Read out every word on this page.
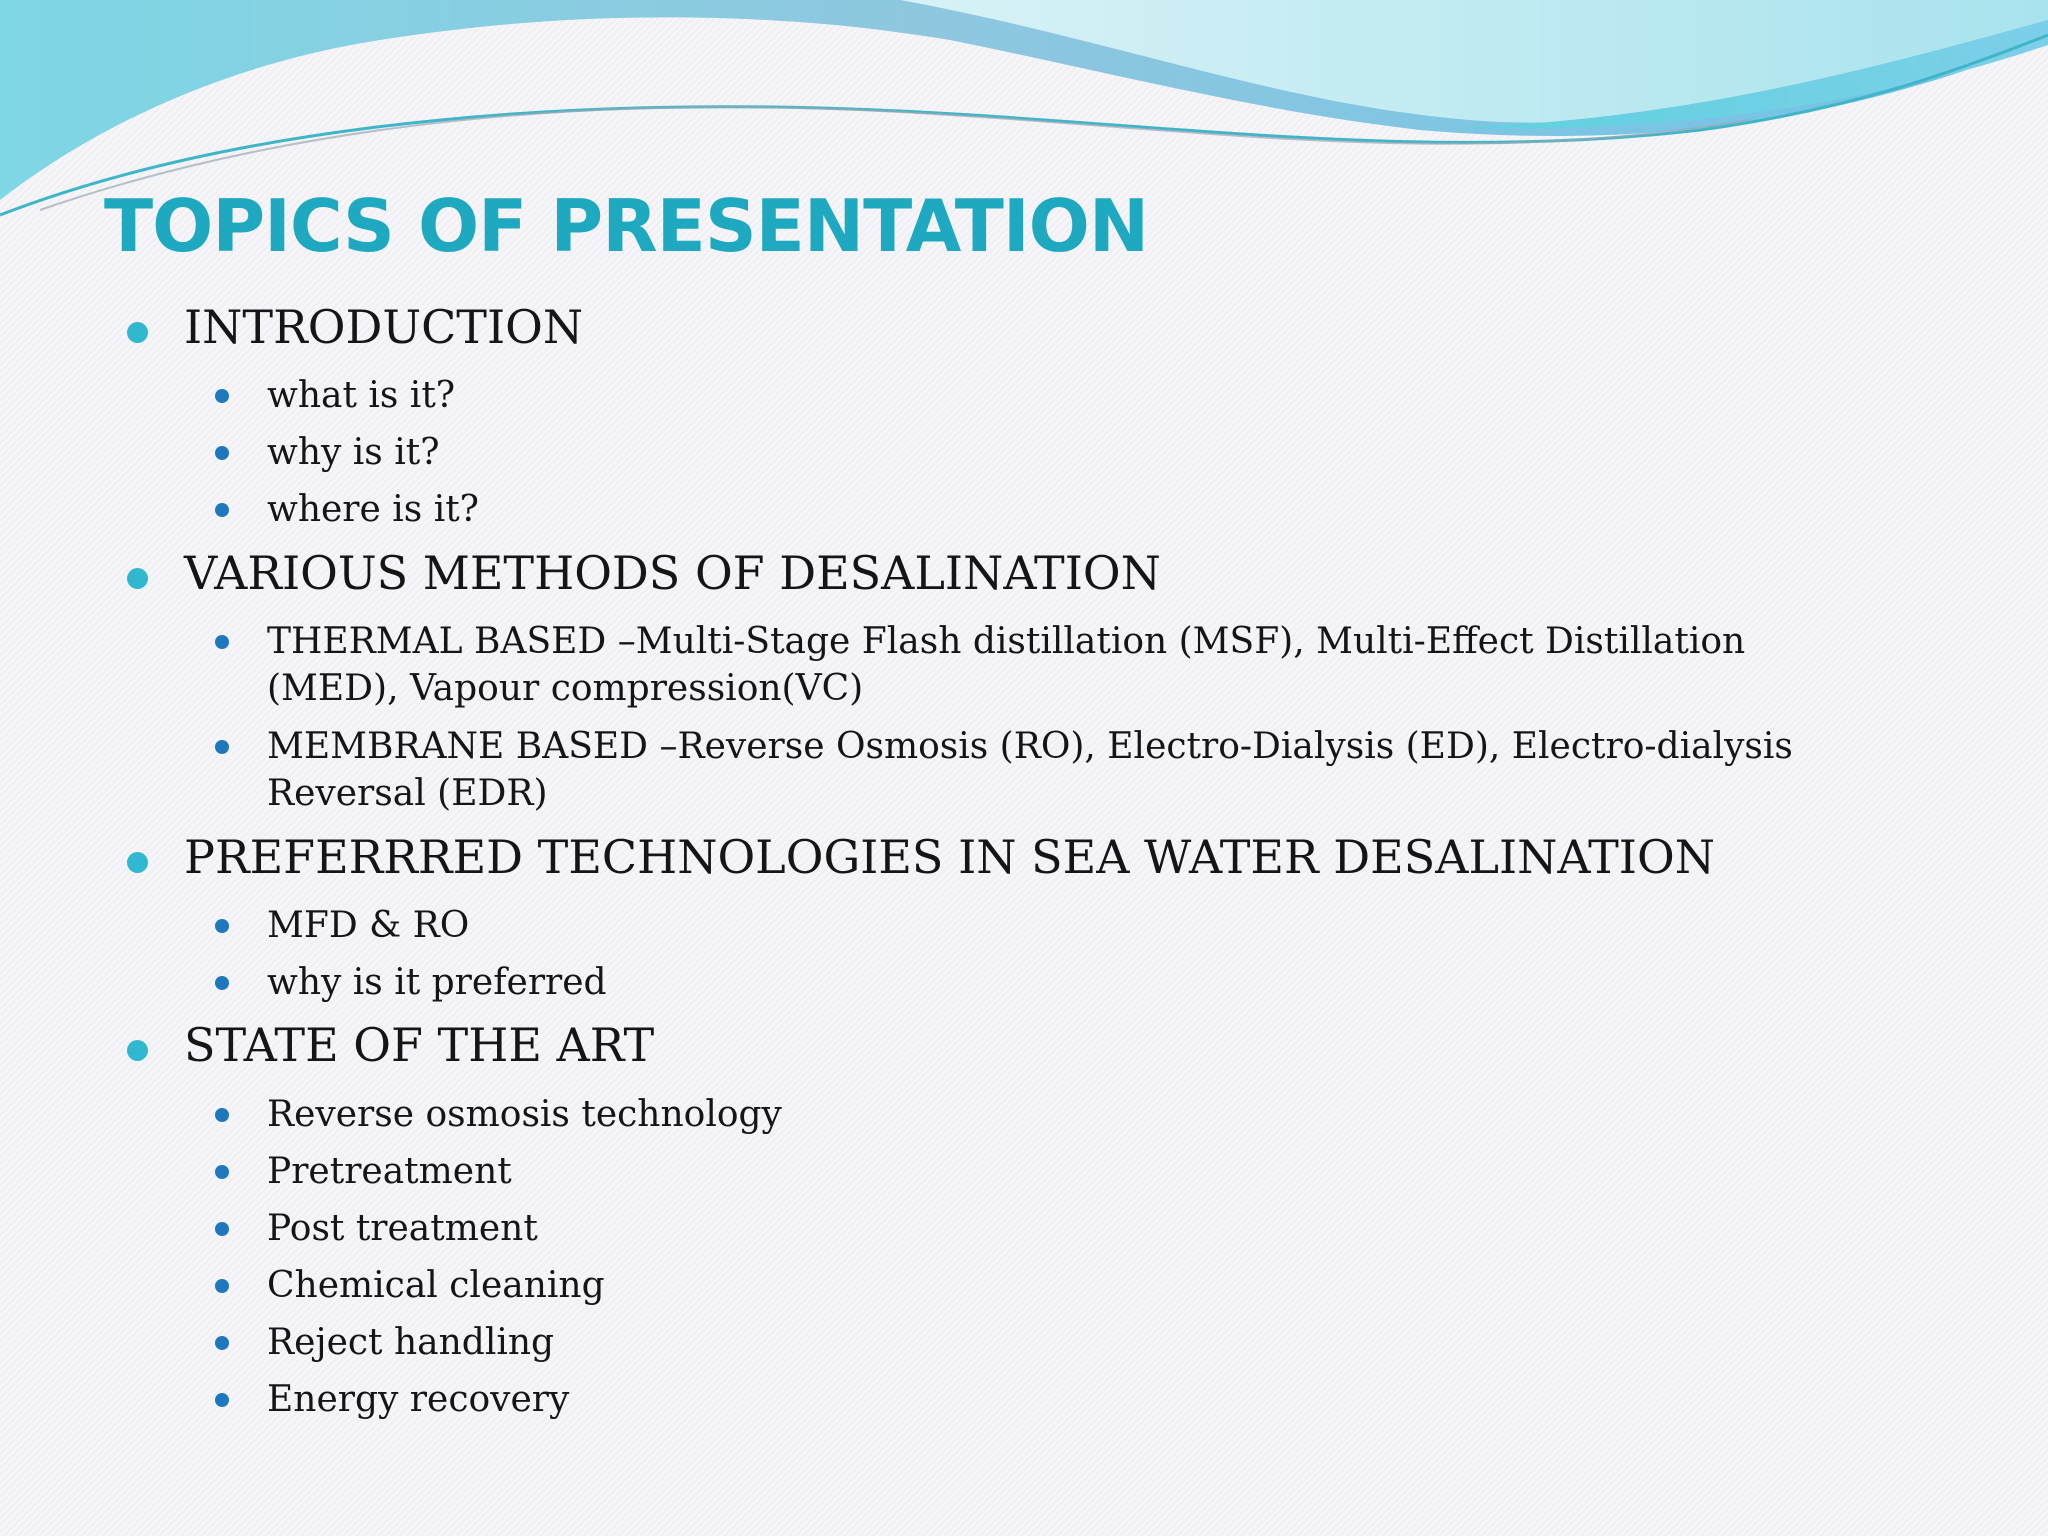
TOPICS OF PRESENTATION

INTRODUCTION

what is it?

why is it?

where is it?

VARIOUS METHODS OF DESALINATION

THERMAL BASED –Multi-Stage Flash distillation (MSF), Multi-Effect Distillation (MED), Vapour compression(VC)

MEMBRANE BASED –Reverse Osmosis (RO), Electro-Dialysis (ED), Electro-dialysis Reversal (EDR)

PREFERRRED TECHNOLOGIES IN SEA WATER DESALINATION

MFD & RO

why is it preferred

STATE OF THE ART

Reverse osmosis technology

Pretreatment

Post treatment

Chemical cleaning

Reject handling

Energy recovery
